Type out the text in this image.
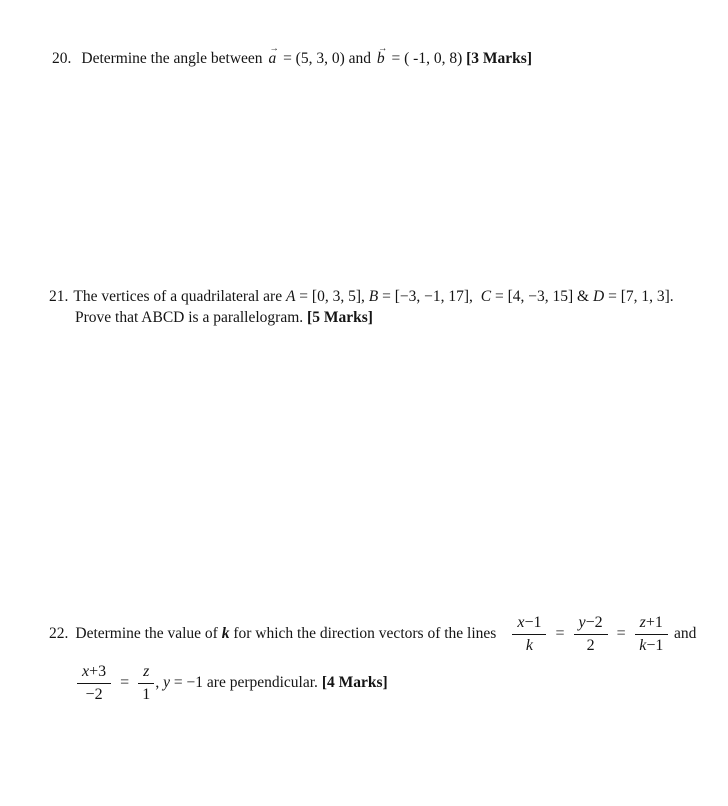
20. Determine the angle between
→
a = (5, 3, 0) and
→
b = ( -1, 0, 8) [3 Marks]
21. The vertices of a quadrilateral are A = [0, 3, 5], B = [−3, −1, 17], C = [4, −3, 15] & D = [7, 1, 3].
Prove that ABCD is a parallelogram. [5 Marks]
22. Determine the value of k for which the direction vectors of the lines $\frac{x-1}{k} = \frac{y-2}{2} = \frac{z+1}{k-1}$ and
$\frac{x+3}{-2} = \frac{z}{1}$ , y = −1 are perpendicular. [4 Marks]
